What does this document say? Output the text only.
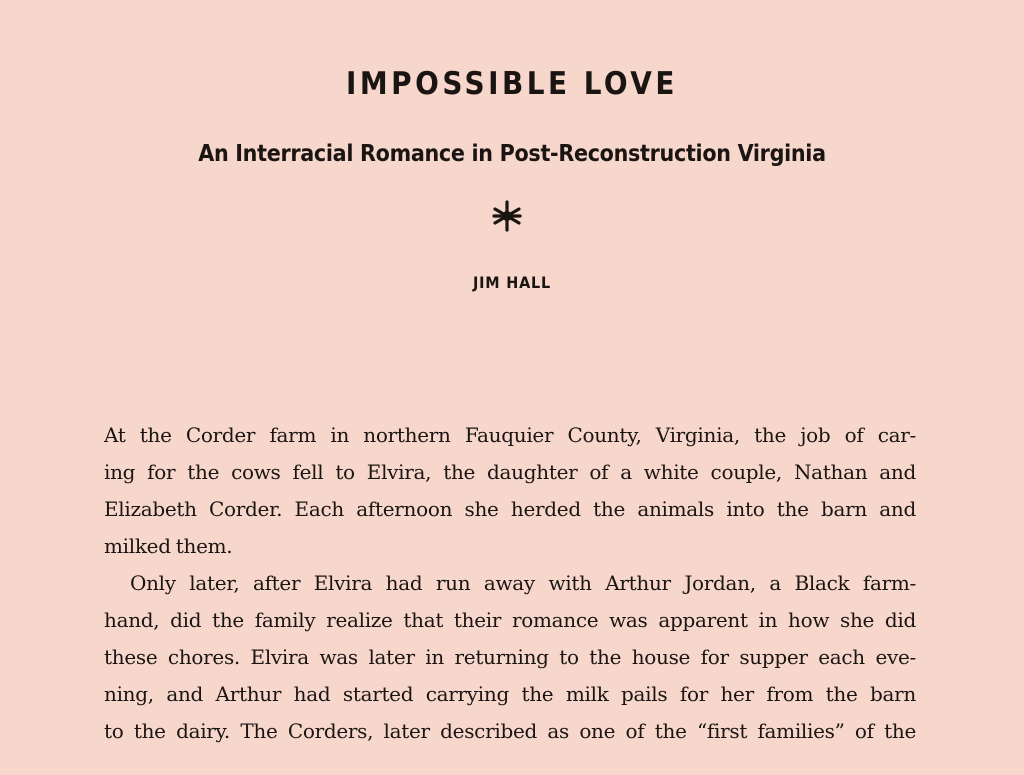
IMPOSSIBLE LOVE
An Interracial Romance in Post-Reconstruction Virginia
JIM HALL
At the Corder farm in northern Fauquier County, Virginia, the job of car-
ing for the cows fell to Elvira, the daughter of a white couple, Nathan and
Elizabeth Corder. Each afternoon she herded the animals into the barn and
milked them.
Only later, after Elvira had run away with Arthur Jordan, a Black farm-
hand, did the family realize that their romance was apparent in how she did
these chores. Elvira was later in returning to the house for supper each eve-
ning, and Arthur had started carrying the milk pails for her from the barn
to the dairy. The Corders, later described as one of the “first families” of the
